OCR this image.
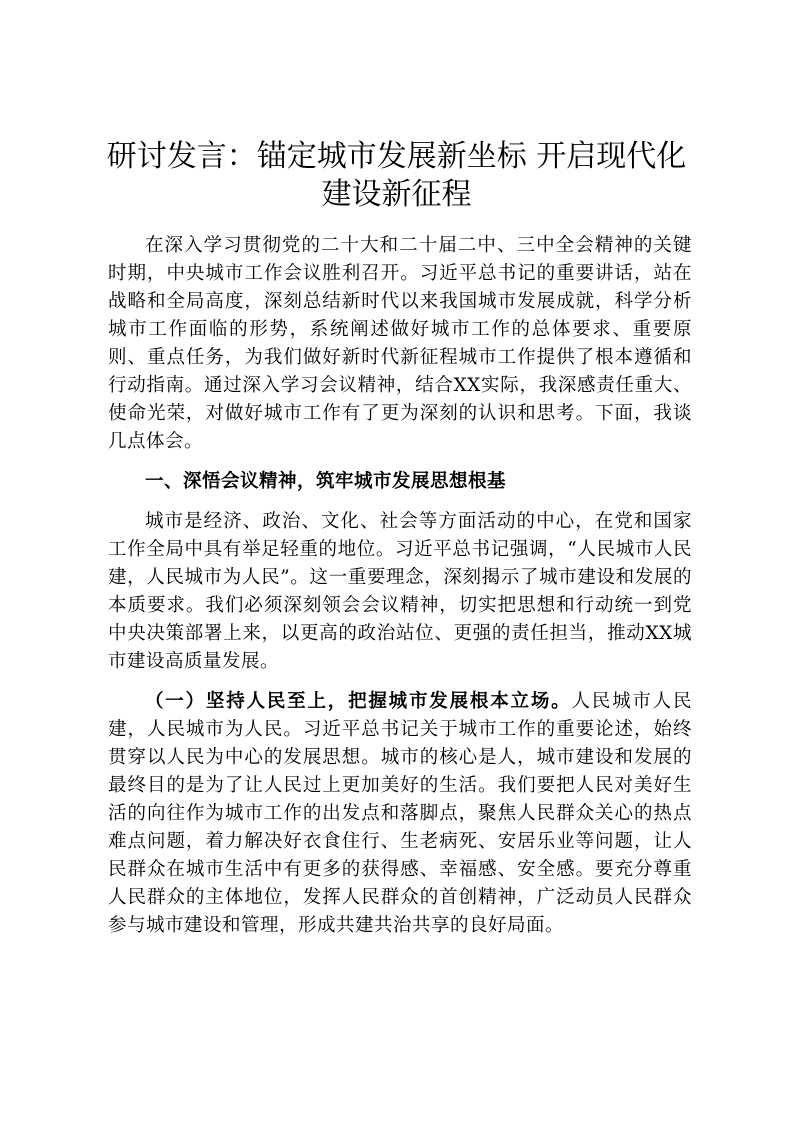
研讨发言：锚定城市发展新坐标 开启现代化
建设新征程

在深入学习贯彻党的二十大和二十届二中、三中全会精神的关键时期，中央城市工作会议胜利召开。习近平总书记的重要讲话，站在战略和全局高度，深刻总结新时代以来我国城市发展成就，科学分析城市工作面临的形势，系统阐述做好城市工作的总体要求、重要原则、重点任务，为我们做好新时代新征程城市工作提供了根本遵循和行动指南。通过深入学习会议精神，结合XX实际，我深感责任重大、使命光荣，对做好城市工作有了更为深刻的认识和思考。下面，我谈几点体会。

一、深悟会议精神，筑牢城市发展思想根基

城市是经济、政治、文化、社会等方面活动的中心，在党和国家工作全局中具有举足轻重的地位。习近平总书记强调，“人民城市人民建，人民城市为人民”。这一重要理念，深刻揭示了城市建设和发展的本质要求。我们必须深刻领会会议精神，切实把思想和行动统一到党中央决策部署上来，以更高的政治站位、更强的责任担当，推动XX城市建设高质量发展。

（一）坚持人民至上，把握城市发展根本立场。人民城市人民建，人民城市为人民。习近平总书记关于城市工作的重要论述，始终贯穿以人民为中心的发展思想。城市的核心是人，城市建设和发展的最终目的是为了让人民过上更加美好的生活。我们要把人民对美好生活的向往作为城市工作的出发点和落脚点，聚焦人民群众关心的热点难点问题，着力解决好衣食住行、生老病死、安居乐业等问题，让人民群众在城市生活中有更多的获得感、幸福感、安全感。要充分尊重人民群众的主体地位，发挥人民群众的首创精神，广泛动员人民群众参与城市建设和管理，形成共建共治共享的良好局面。
